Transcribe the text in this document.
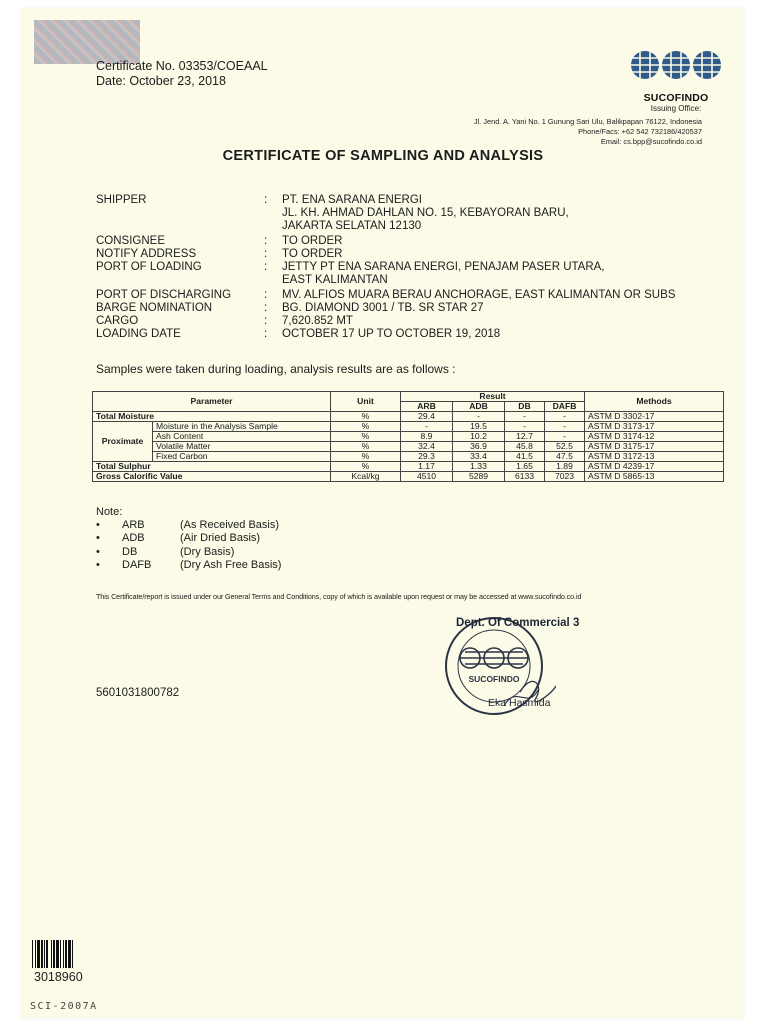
Certificate No. 03353/COEAAL
Date: October 23, 2018
SUCOFINDO
Issuing Office:
Jl. Jend. A. Yani No. 1 Gunung Sari Ulu, Balikpapan 76122, Indonesia
Phone/Facs: +62 542 732186/420537
Email: cs.bpp@sucofindo.co.id
CERTIFICATE OF SAMPLING AND ANALYSIS
SHIPPER	: PT. ENA SARANA ENERGI
JL. KH. AHMAD DAHLAN NO. 15, KEBAYORAN BARU,
JAKARTA SELATAN 12130
CONSIGNEE	: TO ORDER
NOTIFY ADDRESS	: TO ORDER
PORT OF LOADING	: JETTY PT ENA SARANA ENERGI, PENAJAM PASER UTARA,
EAST KALIMANTAN
PORT OF DISCHARGING	: MV. ALFIOS MUARA BERAU ANCHORAGE, EAST KALIMANTAN OR SUBS
BARGE NOMINATION	: BG. DIAMOND 3001 / TB. SR STAR 27
CARGO	: 7,620.852 MT
LOADING DATE	: OCTOBER 17 UP TO OCTOBER 19, 2018
Samples were taken during loading, analysis results are as follows :
Parameter		Unit	Result				Methods
			ARB	ADB	DB	DAFB	
Total Moisture		%	29.4	-	-	-	ASTM D 3302-17
Proximate	Moisture in the Analysis Sample	%	-	19.5	-	-	ASTM D 3173-17
	Ash Content	%	8.9	10.2	12.7	-	ASTM D 3174-12
	Volatile Matter	%	32.4	36.9	45.8	52.5	ASTM D 3175-17
	Fixed Carbon	%	29.3	33.4	41.5	47.5	ASTM D 3172-13
Total Sulphur		%	1.17	1.33	1.65	1.89	ASTM D 4239-17
Gross Calorific Value		Kcal/kg	4510	5289	6133	7023	ASTM D 5865-13
Note:
• ARB	(As Received Basis)
• ADB	(Air Dried Basis)
• DB	(Dry Basis)
• DAFB	(Dry Ash Free Basis)
This Certificate/report is issued under our General Terms and Conditions, copy of which is available upon request or may be accessed at www.sucofindo.co.id
SUCOFINDO
Dept. Of Commercial 3
Eka Hasmida
5601031800782
3018960
SCI-2007A
